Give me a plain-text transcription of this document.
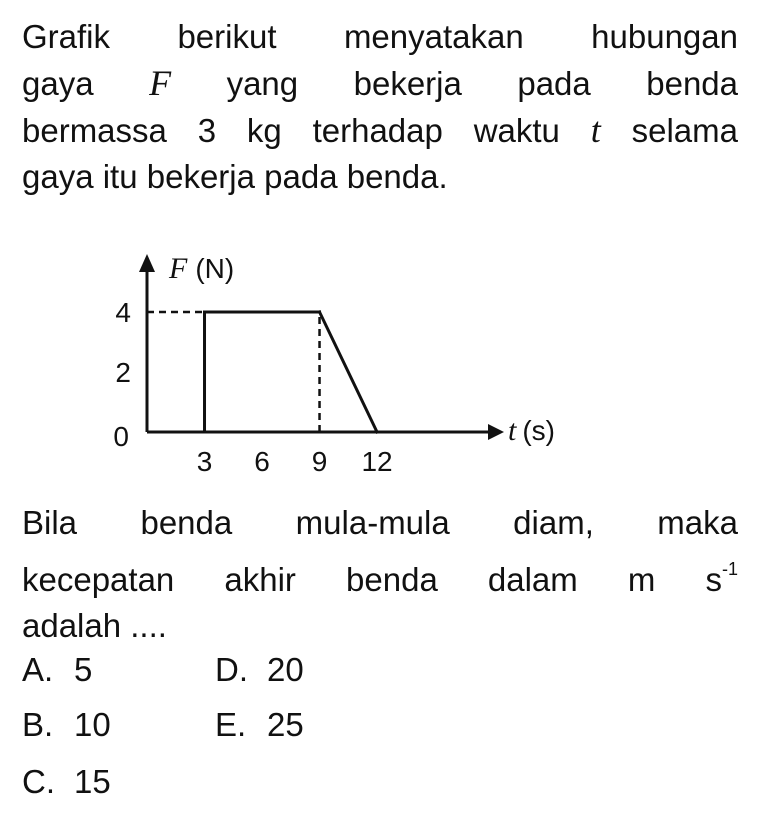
Grafik berikut menyatakan hubungan
gaya F yang bekerja pada benda
bermassa 3 kg terhadap waktu t selama
gaya itu bekerja pada benda.
3 6 9 12
2
4
0
F (N)
t (s)
Bila benda mula-mula diam, maka
kecepatan akhir benda dalam m $s^{-1}$
adalah ....
A. 5
B. 10
C. 15
D. 20
E. 25
